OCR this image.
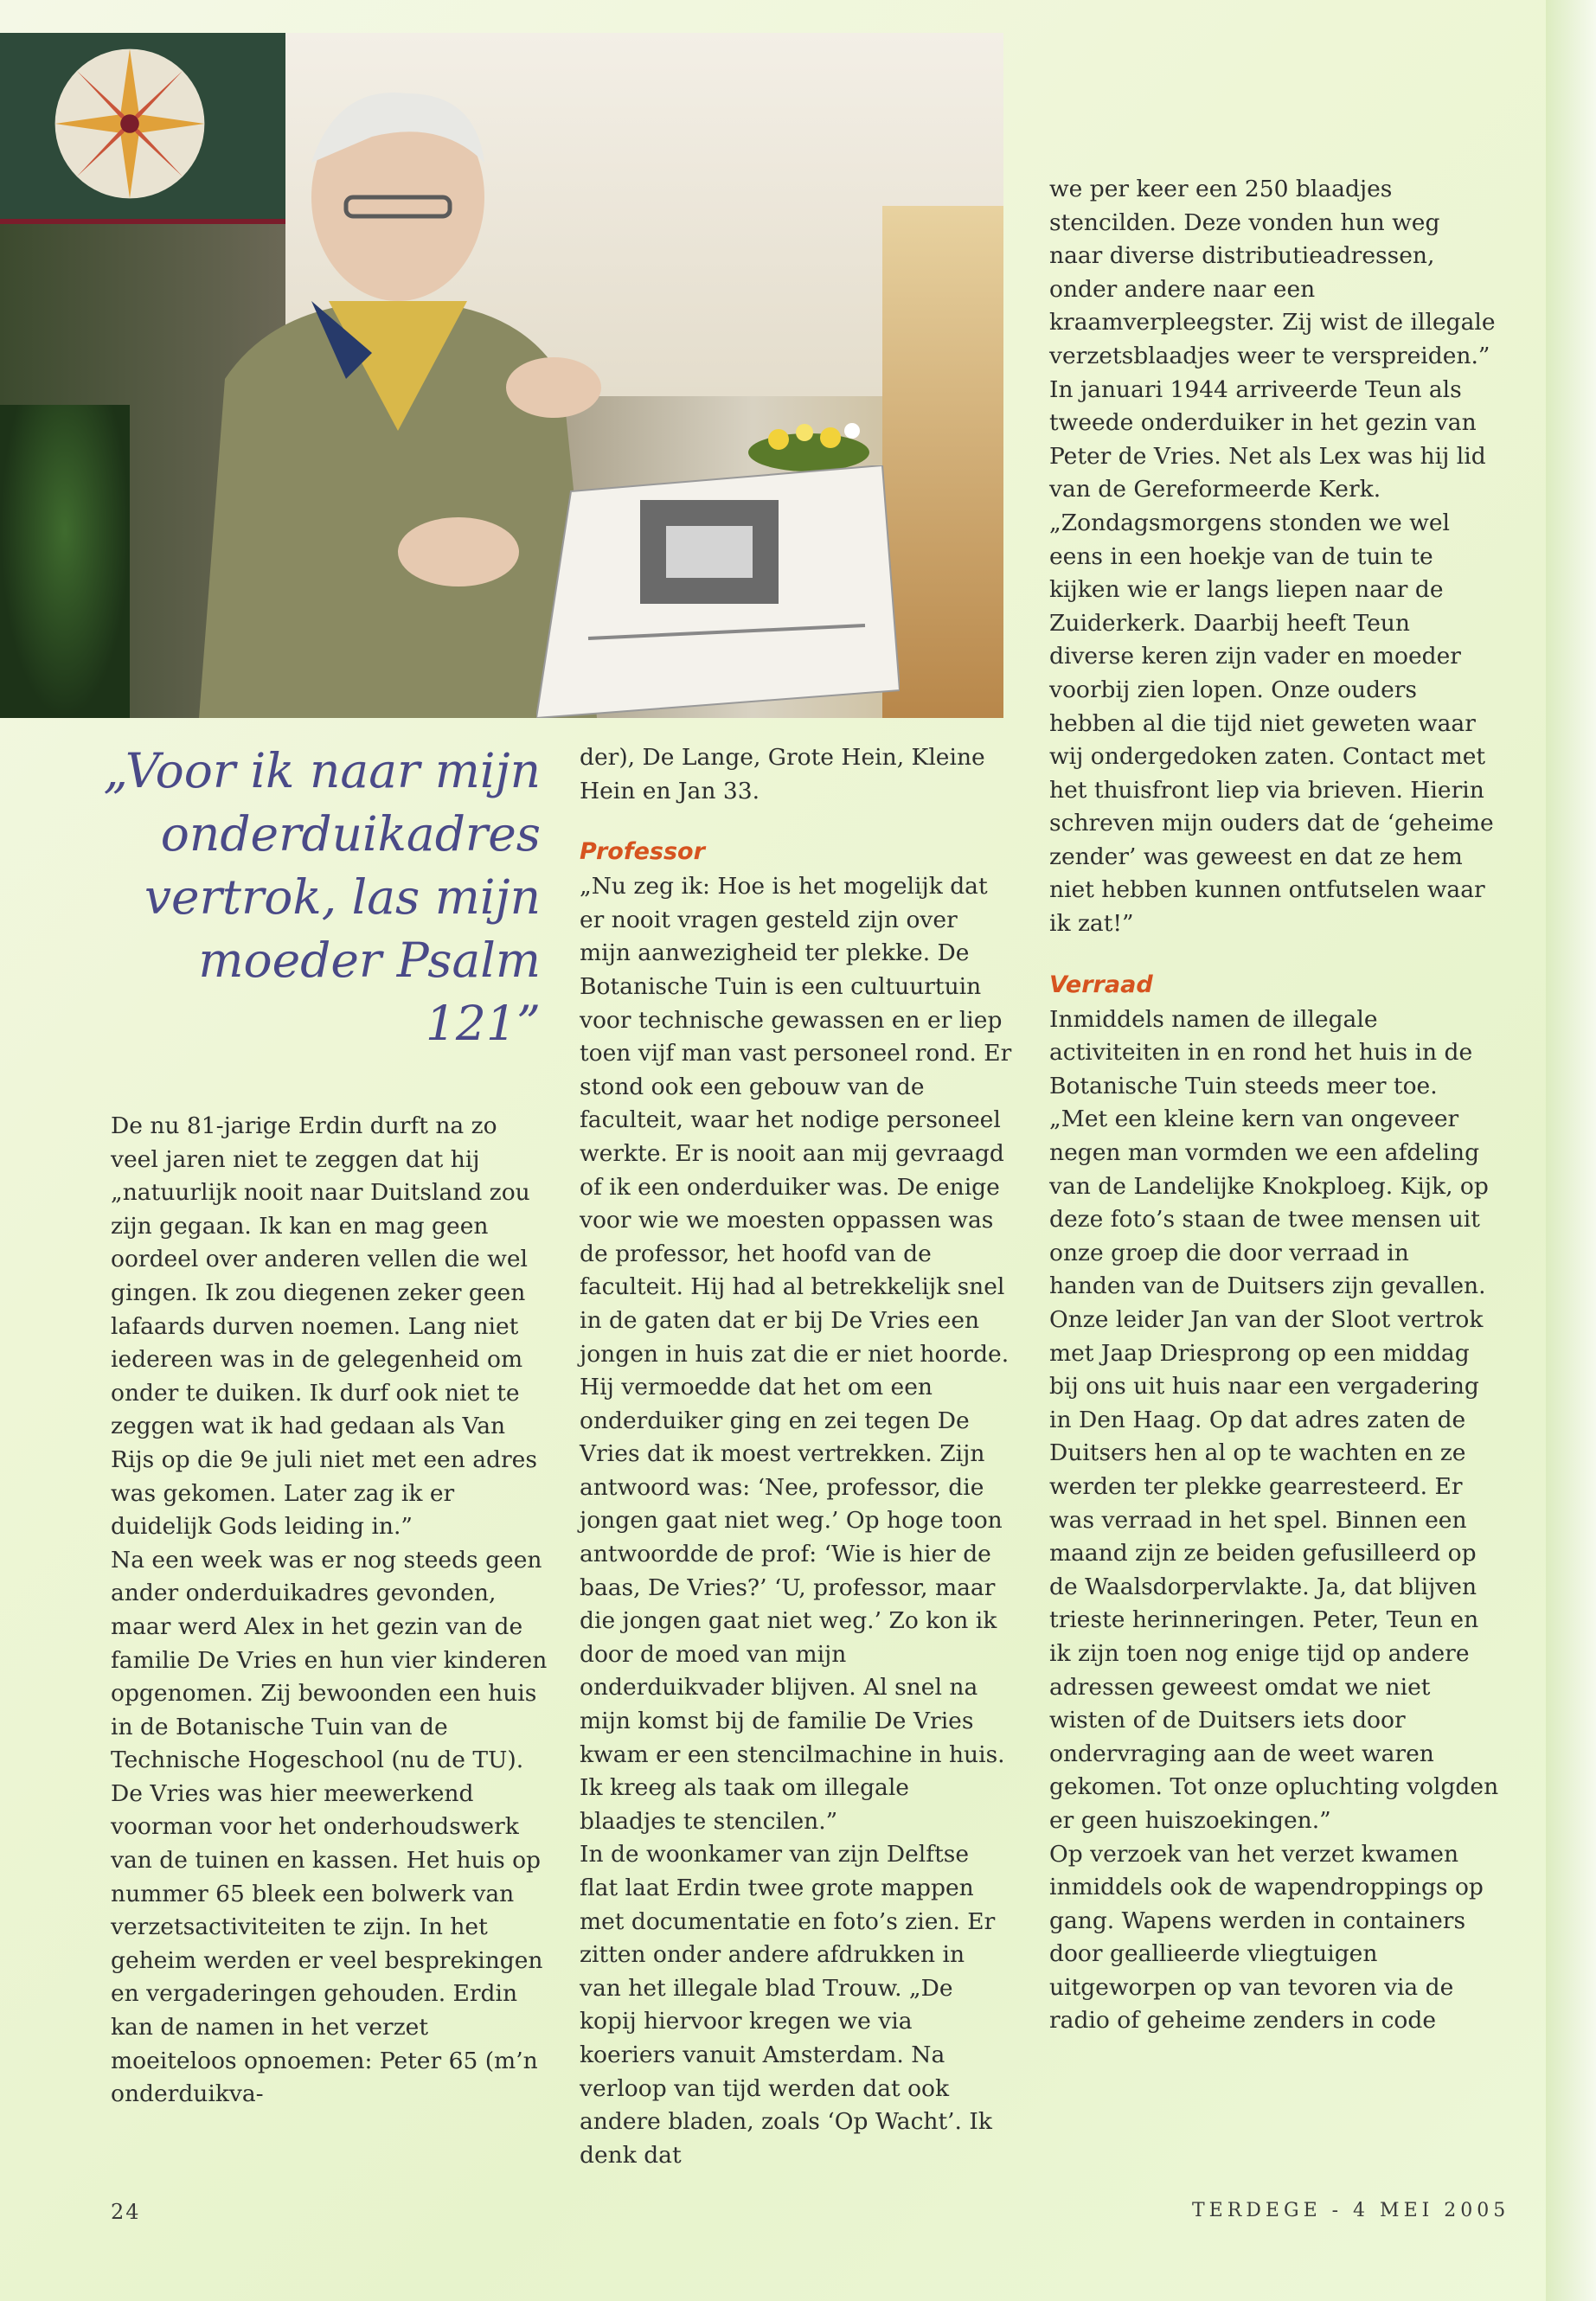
„Voor ik naar mijn onderduikadres vertrok, las mijn moeder Psalm 121”

De nu 81-jarige Erdin durft na zo veel jaren niet te zeggen dat hij „natuurlijk nooit naar Duitsland zou zijn gegaan. Ik kan en mag geen oordeel over anderen vellen die wel gingen. Ik zou diegenen zeker geen lafaards durven noemen. Lang niet iedereen was in de gelegenheid om onder te duiken. Ik durf ook niet te zeggen wat ik had gedaan als Van Rijs op die 9e juli niet met een adres was gekomen. Later zag ik er duidelijk Gods leiding in.”

Na een week was er nog steeds geen ander onderduikadres gevonden, maar werd Alex in het gezin van de familie De Vries en hun vier kinderen opgenomen. Zij bewoonden een huis in de Botanische Tuin van de Technische Hogeschool (nu de TU). De Vries was hier meewerkend voorman voor het onderhoudswerk van de tuinen en kassen. Het huis op nummer 65 bleek een bolwerk van verzetsactiviteiten te zijn. In het geheim werden er veel besprekingen en vergaderingen gehouden. Erdin kan de namen in het verzet moeiteloos opnoemen: Peter 65 (m’n onderduikva-

der), De Lange, Grote Hein, Kleine Hein en Jan 33.

Professor

„Nu zeg ik: Hoe is het mogelijk dat er nooit vragen gesteld zijn over mijn aanwezigheid ter plekke. De Botanische Tuin is een cultuurtuin voor technische gewassen en er liep toen vijf man vast personeel rond. Er stond ook een gebouw van de faculteit, waar het nodige personeel werkte. Er is nooit aan mij gevraagd of ik een onderduiker was. De enige voor wie we moesten oppassen was de professor, het hoofd van de faculteit. Hij had al betrekkelijk snel in de gaten dat er bij De Vries een jongen in huis zat die er niet hoorde. Hij vermoedde dat het om een onderduiker ging en zei tegen De Vries dat ik moest vertrekken. Zijn antwoord was: ‘Nee, professor, die jongen gaat niet weg.’ Op hoge toon antwoordde de prof: ‘Wie is hier de baas, De Vries?’ ‘U, professor, maar die jongen gaat niet weg.’ Zo kon ik door de moed van mijn onderduikvader blijven. Al snel na mijn komst bij de familie De Vries kwam er een stencilmachine in huis. Ik kreeg als taak om illegale blaadjes te stencilen.”

In de woonkamer van zijn Delftse flat laat Erdin twee grote mappen met documentatie en foto’s zien. Er zitten onder andere afdrukken in van het illegale blad Trouw. „De kopij hiervoor kregen we via koeriers vanuit Amsterdam. Na verloop van tijd werden dat ook andere bladen, zoals ‘Op Wacht’. Ik denk dat

we per keer een 250 blaadjes stencilden. Deze vonden hun weg naar diverse distributieadressen, onder andere naar een kraamverpleegster. Zij wist de illegale verzetsblaadjes weer te verspreiden.”

In januari 1944 arriveerde Teun als tweede onderduiker in het gezin van Peter de Vries. Net als Lex was hij lid van de Gereformeerde Kerk. „Zondagsmorgens stonden we wel eens in een hoekje van de tuin te kijken wie er langs liepen naar de Zuiderkerk. Daarbij heeft Teun diverse keren zijn vader en moeder voorbij zien lopen. Onze ouders hebben al die tijd niet geweten waar wij ondergedoken zaten. Contact met het thuisfront liep via brieven. Hierin schreven mijn ouders dat de ‘geheime zender’ was geweest en dat ze hem niet hebben kunnen ontfutselen waar ik zat!”

Verraad

Inmiddels namen de illegale activiteiten in en rond het huis in de Botanische Tuin steeds meer toe. „Met een kleine kern van ongeveer negen man vormden we een afdeling van de Landelijke Knokploeg. Kijk, op deze foto’s staan de twee mensen uit onze groep die door verraad in handen van de Duitsers zijn gevallen. Onze leider Jan van der Sloot vertrok met Jaap Driesprong op een middag bij ons uit huis naar een vergadering in Den Haag. Op dat adres zaten de Duitsers hen al op te wachten en ze werden ter plekke gearresteerd. Er was verraad in het spel. Binnen een maand zijn ze beiden gefusilleerd op de Waalsdorpervlakte. Ja, dat blijven trieste herinneringen. Peter, Teun en ik zijn toen nog enige tijd op andere adressen geweest omdat we niet wisten of de Duitsers iets door ondervraging aan de weet waren gekomen. Tot onze opluchting volgden er geen huiszoekingen.”

Op verzoek van het verzet kwamen inmiddels ook de wapendroppings op gang. Wapens werden in containers door geallieerde vliegtuigen uitgeworpen op van tevoren via de radio of geheime zenders in code

24	TERDEGE - 4 MEI 2005
